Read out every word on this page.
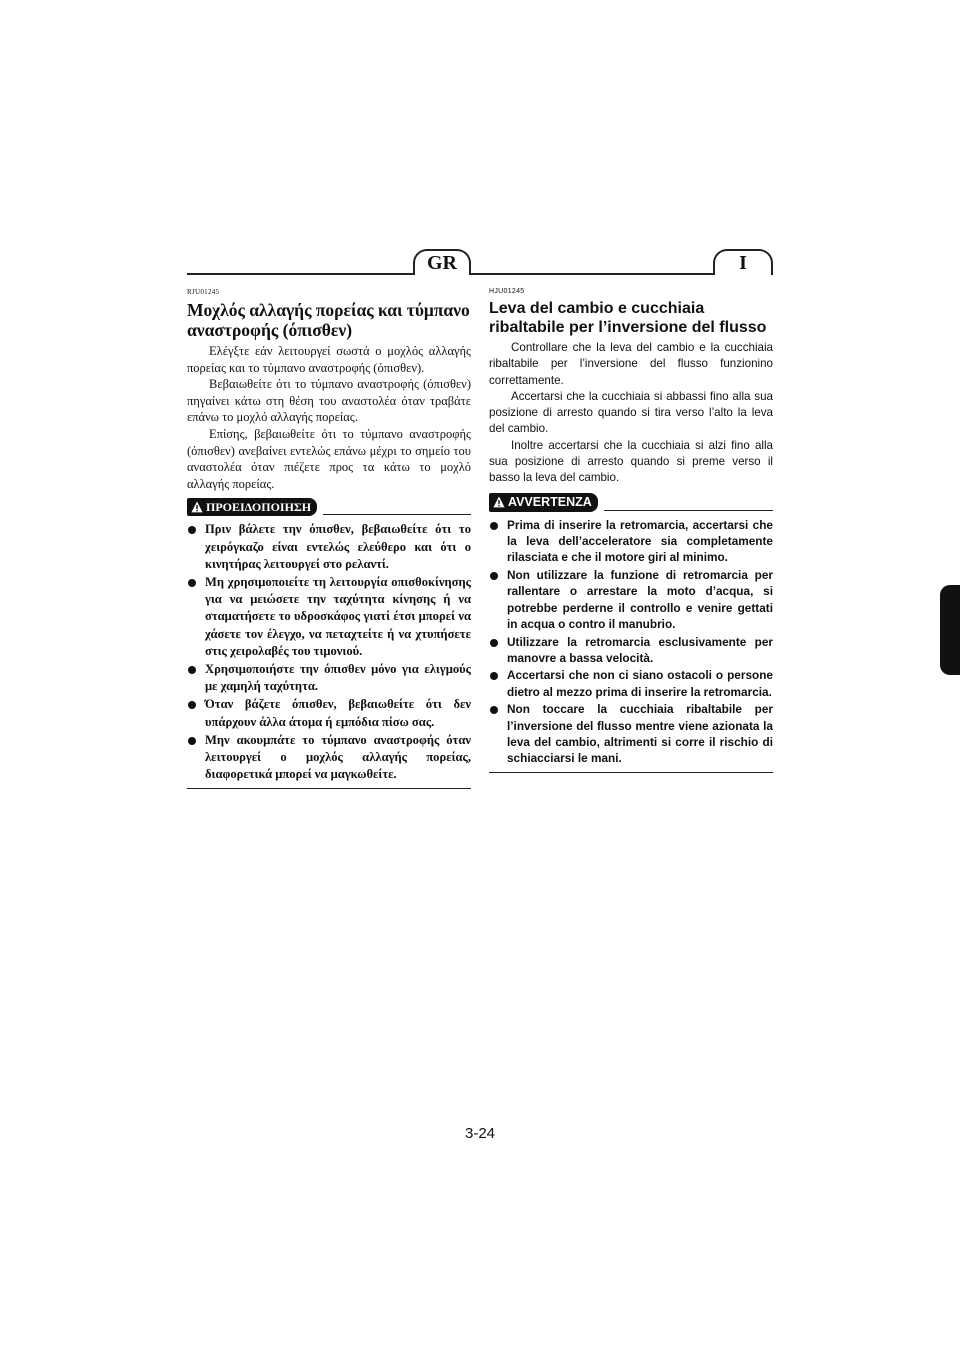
GR	I
RJU01245
Μοχλός αλλαγής πορείας και τύμπανο αναστροφής (όπισθεν)

Ελέγξτε εάν λειτουργεί σωστά ο μοχλός αλλαγής πορείας και το τύμπανο αναστροφής (όπισθεν).

Βεβαιωθείτε ότι το τύμπανο αναστροφής (όπισθεν) πηγαίνει κάτω στη θέση του αναστολέα όταν τραβάτε επάνω το μοχλό αλλαγής πορείας.

Επίσης, βεβαιωθείτε ότι το τύμπανο αναστροφής (όπισθεν) ανεβαίνει εντελώς επάνω μέχρι το σημείο του αναστολέα όταν πιέζετε προς τα κάτω το μοχλό αλλαγής πορείας.

ΠΡΟΕΙΔΟΠΟΙΗΣΗ
Πριν βάλετε την όπισθεν, βεβαιωθείτε ότι το χειρόγκαζο είναι εντελώς ελεύθερο και ότι ο κινητήρας λειτουργεί στο ρελαντί.
Μη χρησιμοποιείτε τη λειτουργία οπισθοκίνησης για να μειώσετε την ταχύτητα κίνησης ή να σταματήσετε το υδροσκάφος γιατί έτσι μπορεί να χάσετε τον έλεγχο, να πεταχτείτε ή να χτυπήσετε στις χειρολαβές του τιμονιού.
Χρησιμοποιήστε την όπισθεν μόνο για ελιγμούς με χαμηλή ταχύτητα.
Όταν βάζετε όπισθεν, βεβαιωθείτε ότι δεν υπάρχουν άλλα άτομα ή εμπόδια πίσω σας.
Μην ακουμπάτε το τύμπανο αναστροφής όταν λειτουργεί ο μοχλός αλλαγής πορείας, διαφορετικά μπορεί να μαγκωθείτε.
HJU01245
Leva del cambio e cucchiaia ribaltabile per l’inversione del flusso

Controllare che la leva del cambio e la cucchiaia ribaltabile per l’inversione del flusso funzionino correttamente.

Accertarsi che la cucchiaia si abbassi fino alla sua posizione di arresto quando si tira verso l’alto la leva del cambio.

Inoltre accertarsi che la cucchiaia si alzi fino alla sua posizione di arresto quando si preme verso il basso la leva del cambio.

AVVERTENZA
Prima di inserire la retromarcia, accertarsi che la leva dell’acceleratore sia completamente rilasciata e che il motore giri al minimo.
Non utilizzare la funzione di retromarcia per rallentare o arrestare la moto d’acqua, si potrebbe perderne il controllo e venire gettati in acqua o contro il manubrio.
Utilizzare la retromarcia esclusivamente per manovre a bassa velocità.
Accertarsi che non ci siano ostacoli o persone dietro al mezzo prima di inserire la retromarcia.
Non toccare la cucchiaia ribaltabile per l’inversione del flusso mentre viene azionata la leva del cambio, altrimenti si corre il rischio di schiacciarsi le mani.
3-24
